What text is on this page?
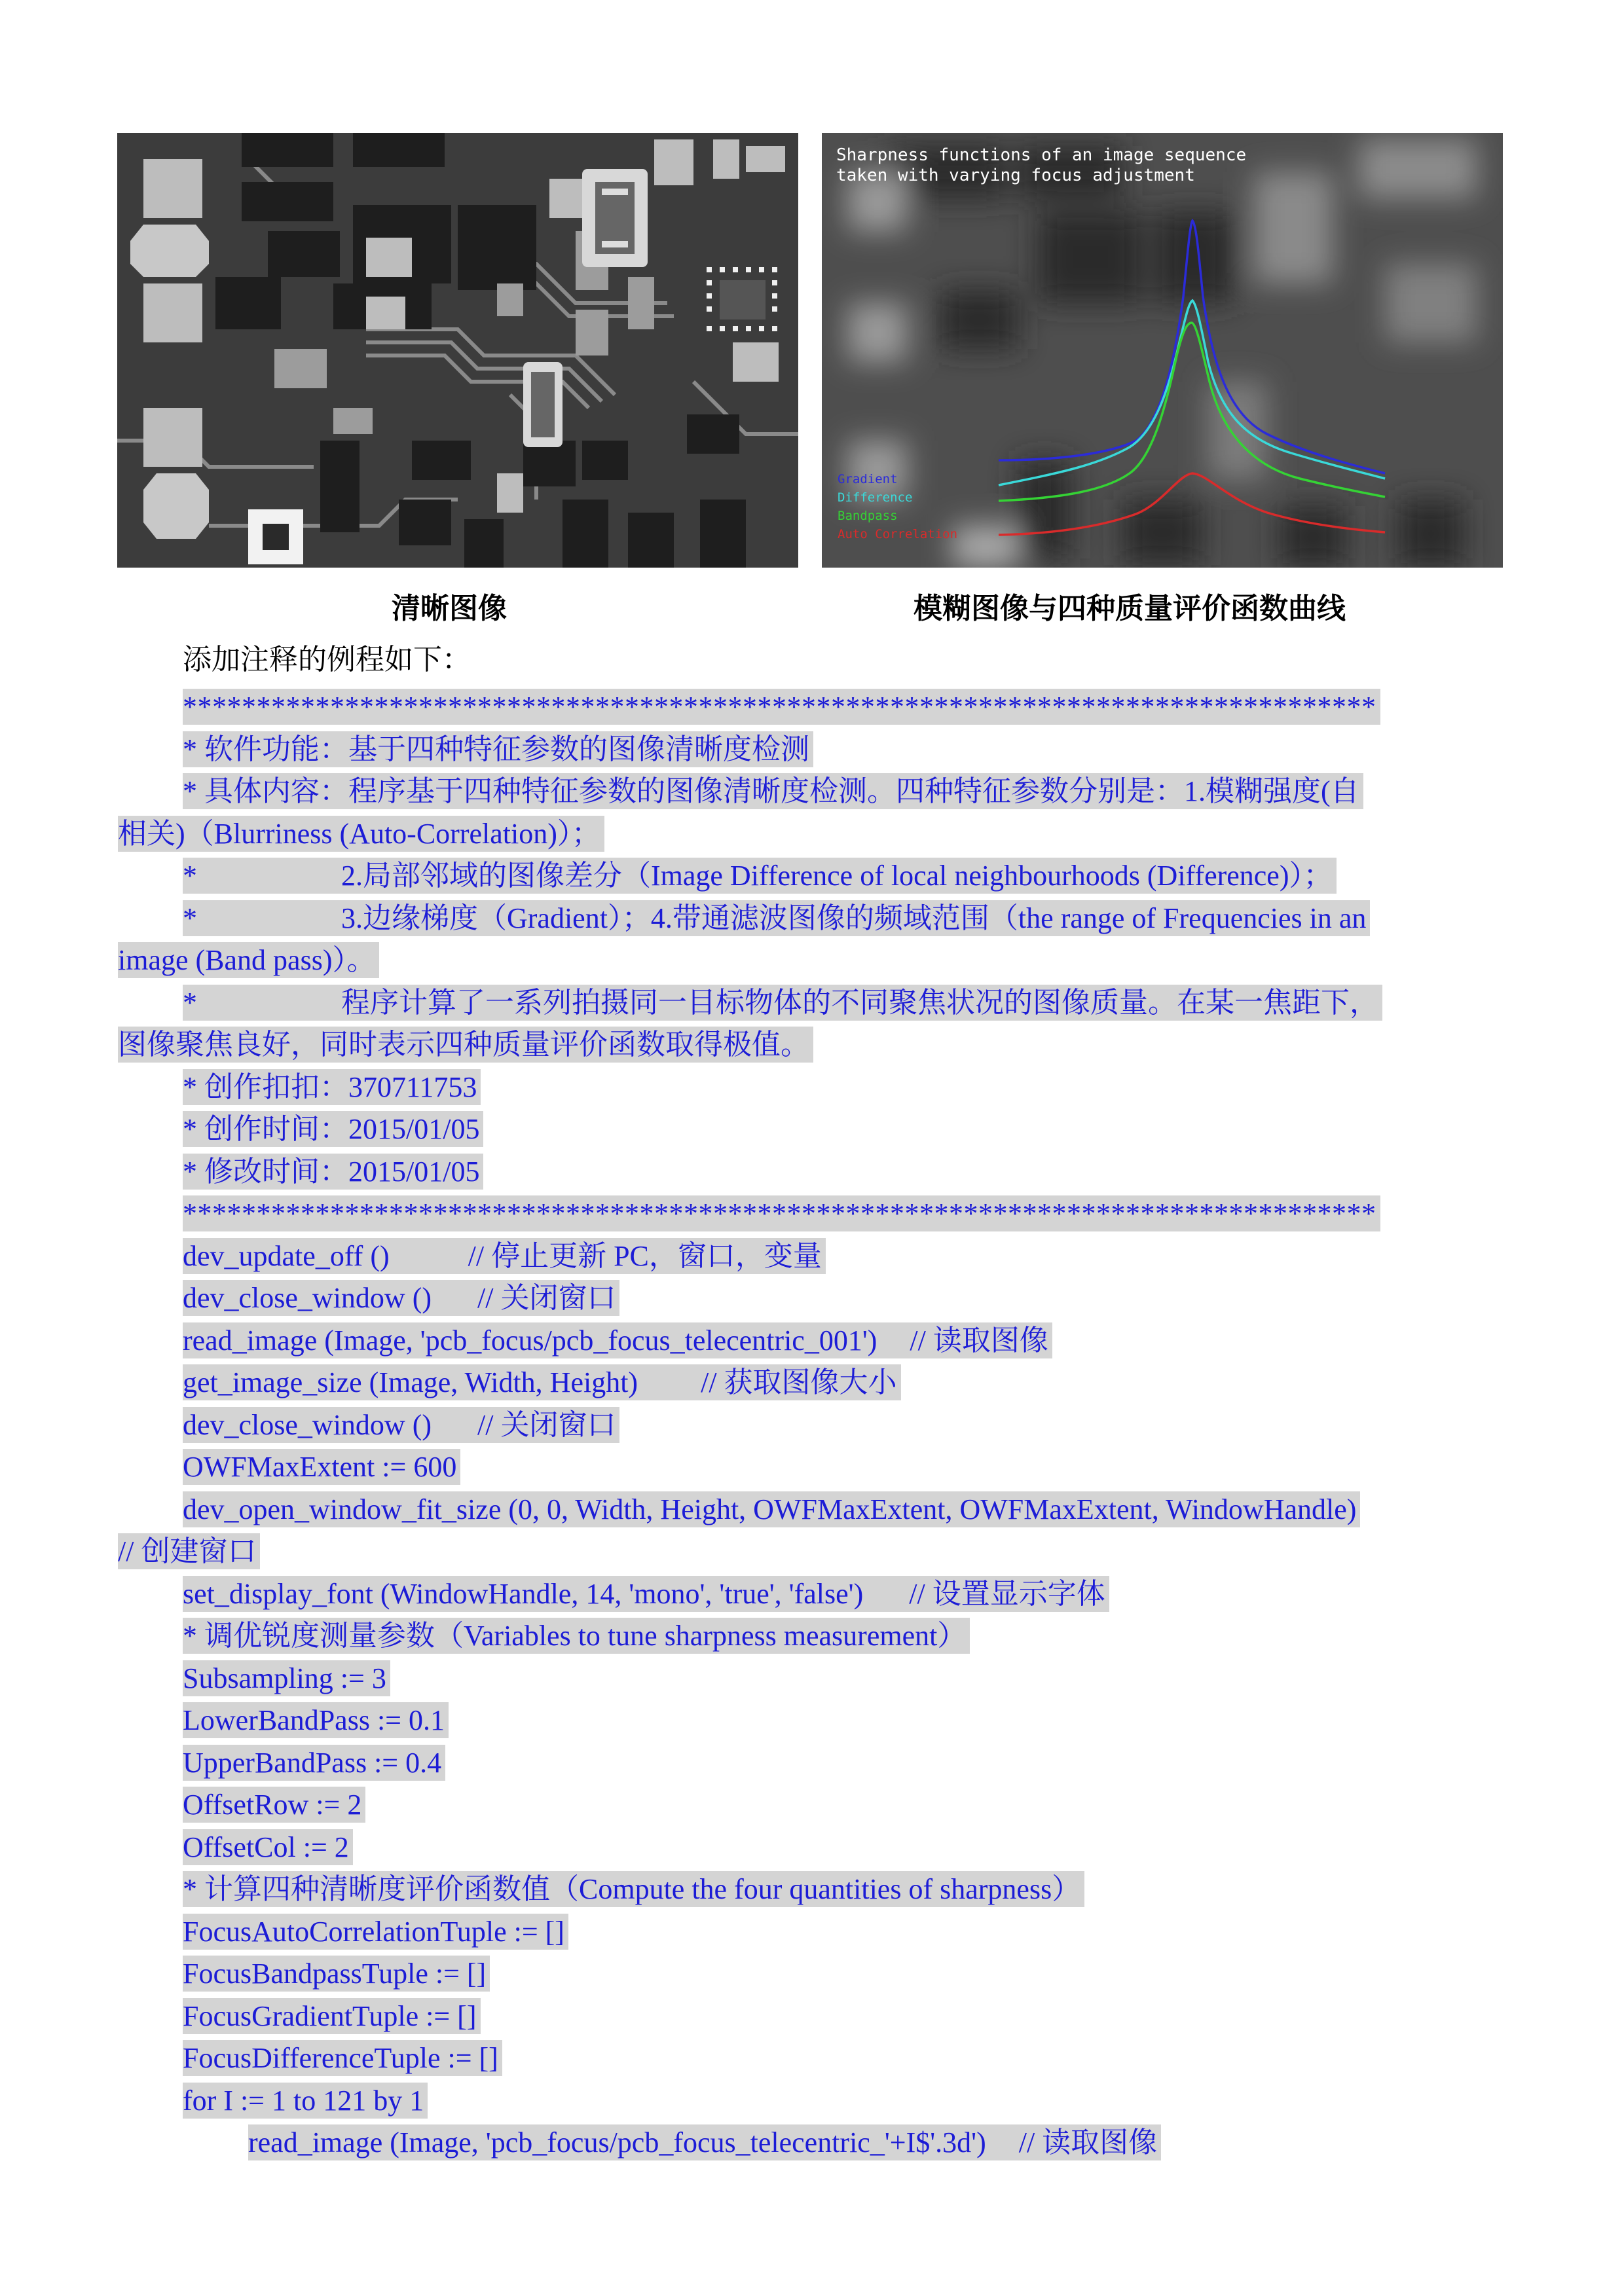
Sharpness functions of an image sequence
taken with varying focus adjustment
Gradient
Difference
Bandpass
Auto Correlation
清晰图像	模糊图像与四种质量评价函数曲线
添加注释的例程如下：
*********************************************************************************
* 软件功能：基于四种特征参数的图像清晰度检测
* 具体内容：程序基于四种特征参数的图像清晰度检测。四种特征参数分别是：1.模糊强度(自
相关)（Blurriness (Auto-Correlation)）；
*	2.局部邻域的图像差分（Image Difference of local neighbourhoods (Difference)）；
*	3.边缘梯度（Gradient）；4.带通滤波图像的频域范围（the range of Frequencies in an
image (Band pass)）。
*	程序计算了一系列拍摄同一目标物体的不同聚焦状况的图像质量。在某一焦距下，
图像聚焦良好，同时表示四种质量评价函数取得极值。
* 创作扣扣：370711753
* 创作时间：2015/01/05
* 修改时间：2015/01/05
*********************************************************************************
dev_update_off ()	// 停止更新 PC，窗口，变量
dev_close_window () // 关闭窗口
read_image (Image, 'pcb_focus/pcb_focus_telecentric_001') // 读取图像
get_image_size (Image, Width, Height) // 获取图像大小
dev_close_window () // 关闭窗口
OWFMaxExtent := 600
dev_open_window_fit_size (0, 0, Width, Height, OWFMaxExtent, OWFMaxExtent, WindowHandle)
// 创建窗口
set_display_font (WindowHandle, 14, 'mono', 'true', 'false') // 设置显示字体
* 调优锐度测量参数（Variables to tune sharpness measurement）
Subsampling := 3
LowerBandPass := 0.1
UpperBandPass := 0.4
OffsetRow := 2
OffsetCol := 2
* 计算四种清晰度评价函数值（Compute the four quantities of sharpness）
FocusAutoCorrelationTuple := []
FocusBandpassTuple := []
FocusGradientTuple := []
FocusDifferenceTuple := []
for I := 1 to 121 by 1
read_image (Image, 'pcb_focus/pcb_focus_telecentric_'+I$'.3d') // 读取图像
